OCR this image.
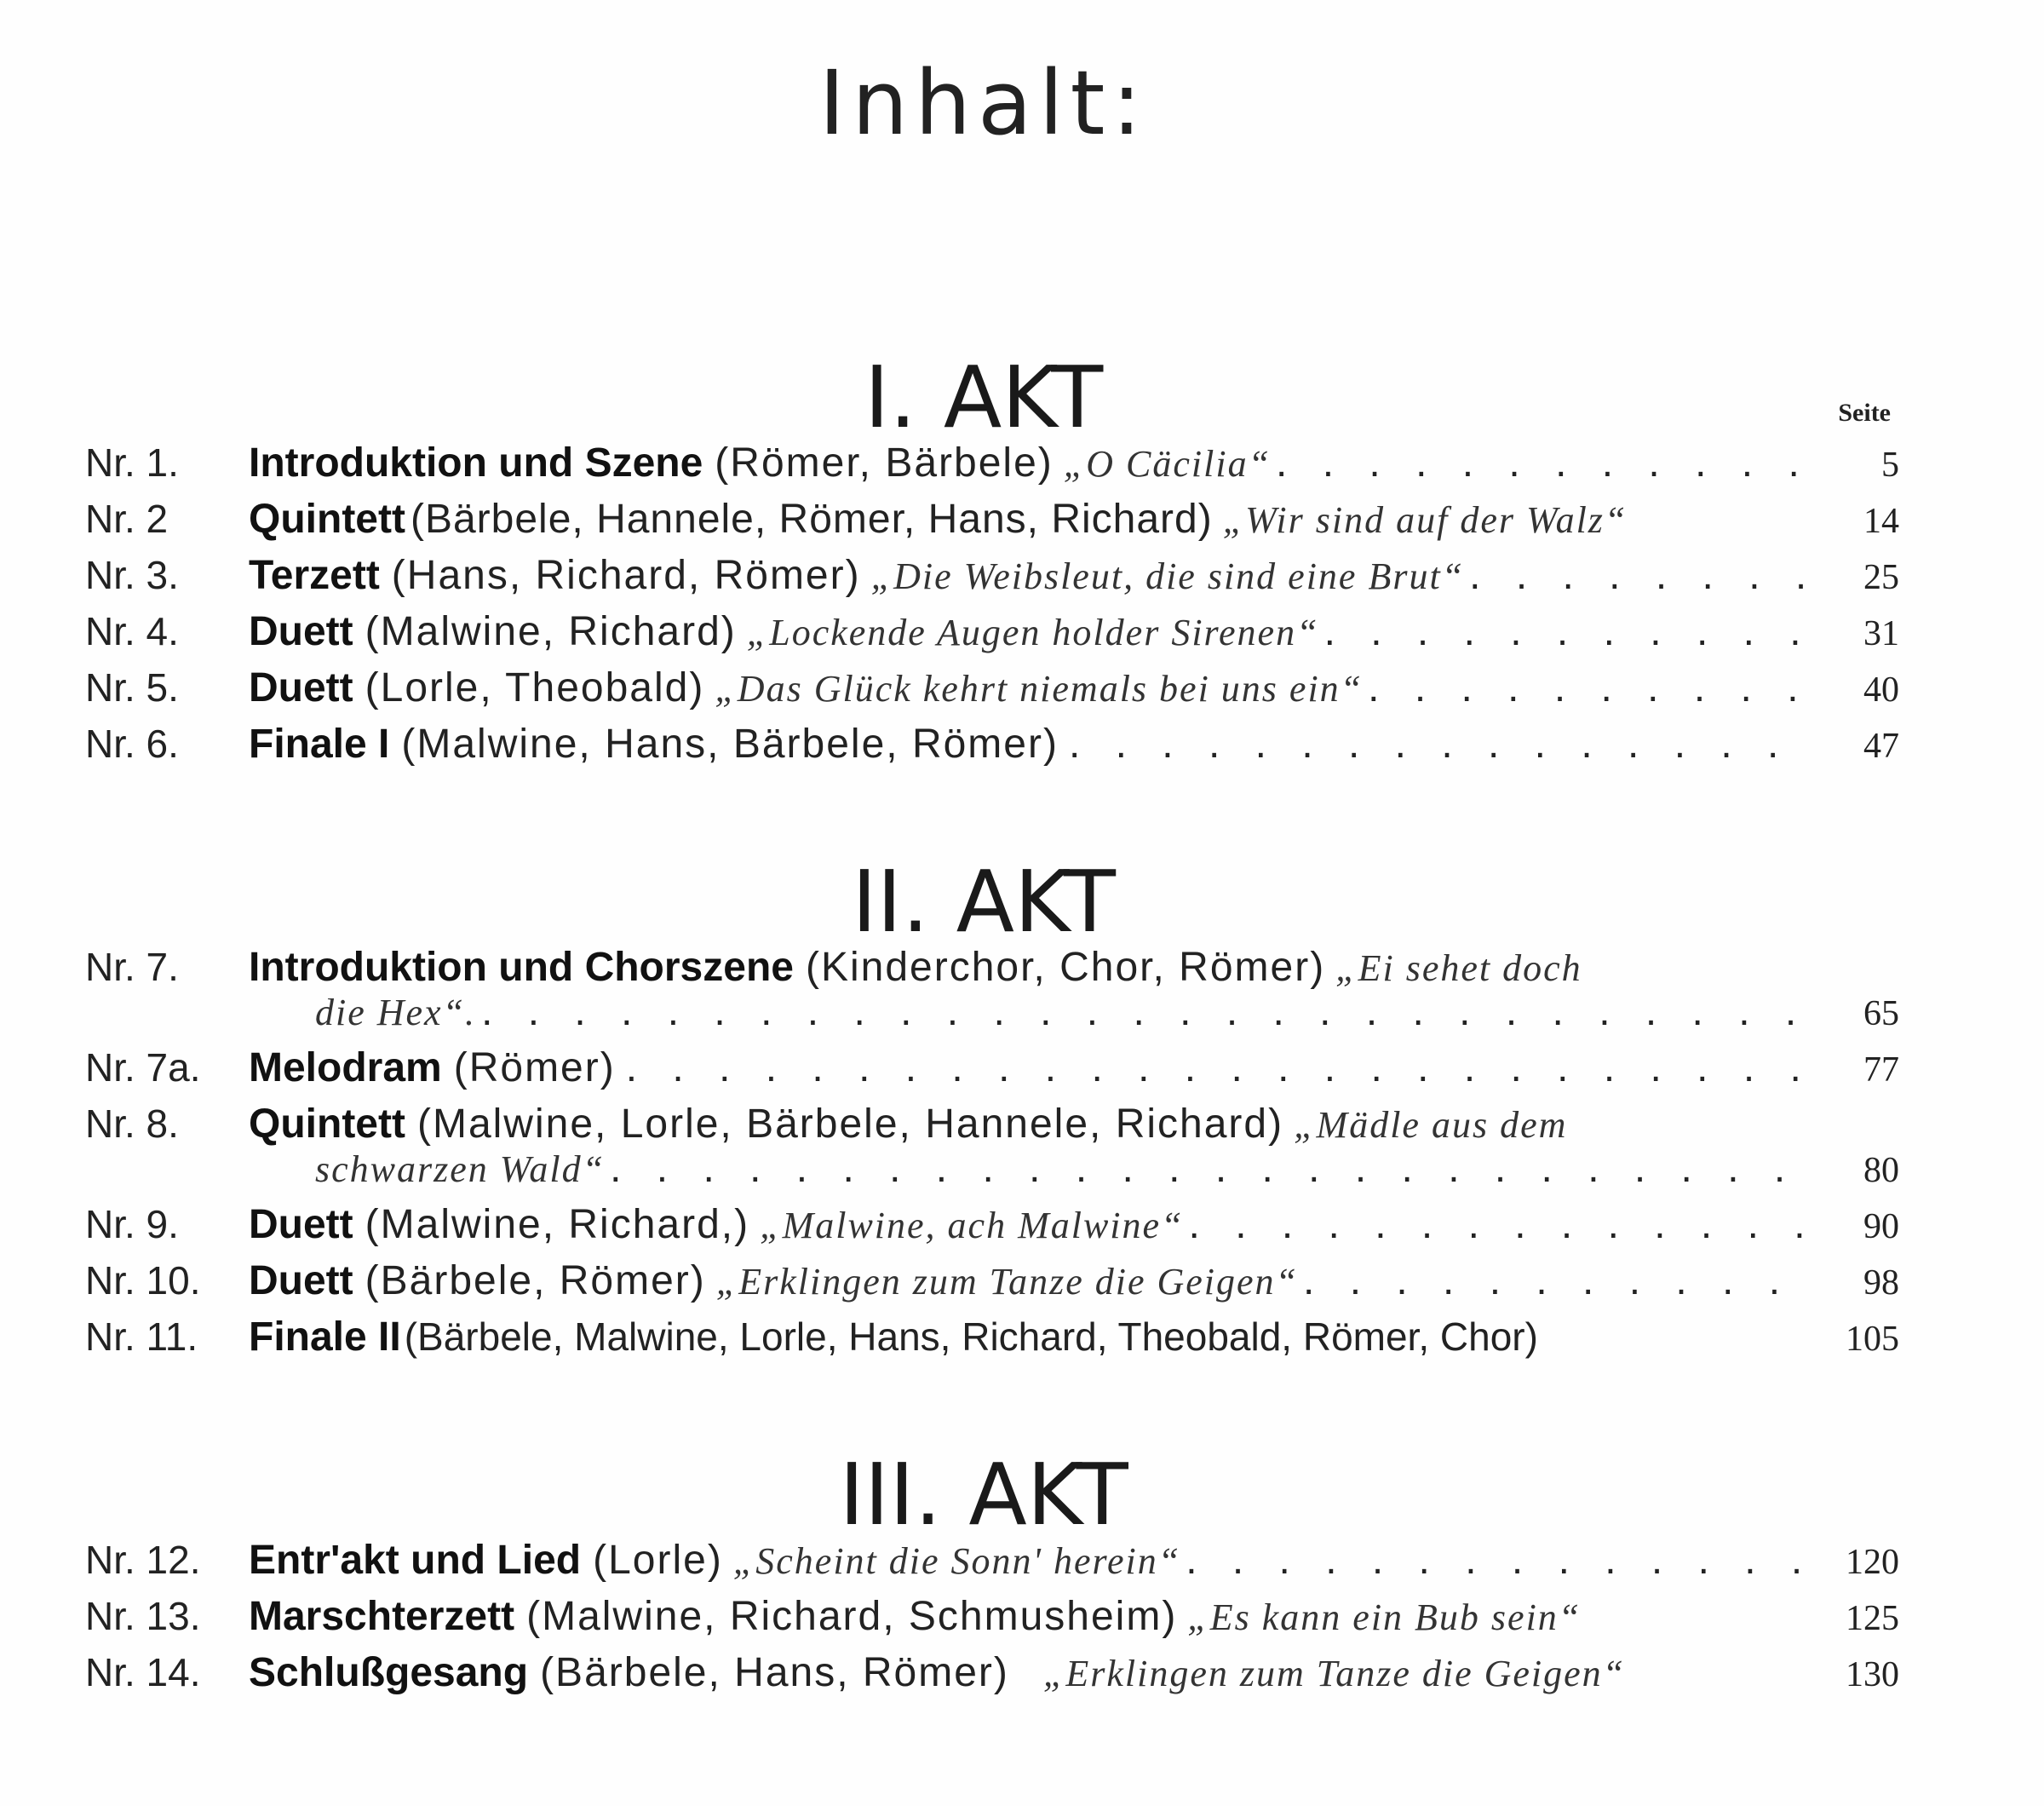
Inhalt:
I. AKT	Seite
Nr. 1.	Introduktion und Szene (Römer, Bärbele) „O Cäcilia“ . . .	5
Nr. 2	Quintett (Bärbele, Hannele, Römer, Hans, Richard) „Wir sind auf der Walz“	14
Nr. 3.	Terzett (Hans, Richard, Römer) „Die Weibsleut, die sind eine Brut“ . . .	25
Nr. 4.	Duett (Malwine, Richard) „Lockende Augen holder Sirenen“ . . .	31
Nr. 5.	Duett (Lorle, Theobald) „Das Glück kehrt niemals bei uns ein“ . . .	40
Nr. 6.	Finale I (Malwine, Hans, Bärbele, Römer) . . .	47
II. AKT
Nr. 7.	Introduktion und Chorszene (Kinderchor, Chor, Römer) „Ei sehet doch
die Hex“. . . .	65
Nr. 7a.	Melodram (Römer) . . .	77
Nr. 8.	Quintett (Malwine, Lorle, Bärbele, Hannele, Richard) „Mädle aus dem
schwarzen Wald“ . . .	80
Nr. 9.	Duett (Malwine, Richard,) „Malwine, ach Malwine“ . . .	90
Nr. 10.	Duett (Bärbele, Römer) „Erklingen zum Tanze die Geigen“ . . .	98
Nr. 11.	Finale II (Bärbele, Malwine, Lorle, Hans, Richard, Theobald, Römer, Chor)	105
III. AKT
Nr. 12.	Entr'akt und Lied (Lorle) „Scheint die Sonn' herein“ . . .	120
Nr. 13.	Marschterzett (Malwine, Richard, Schmusheim) „Es kann ein Bub sein“	125
Nr. 14.	Schlußgesang (Bärbele, Hans, Römer) „Erklingen zum Tanze die Geigen“	130
